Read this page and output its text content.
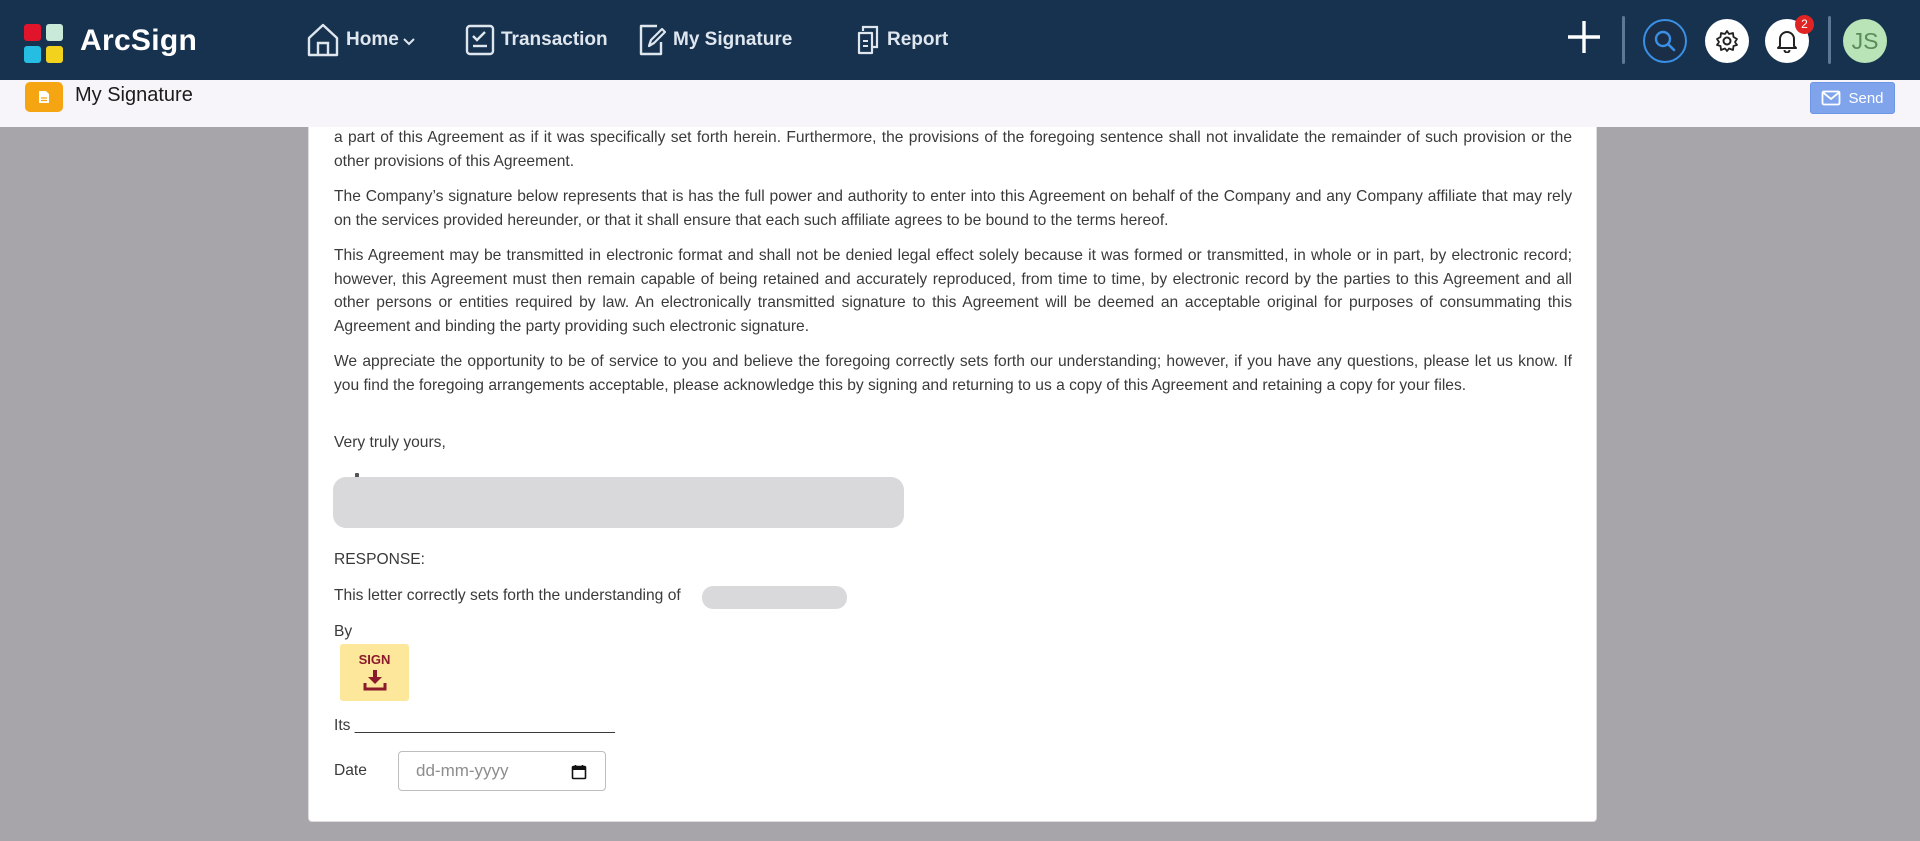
ArcSign	Home	Transaction	My Signature	Report
2
JS
My Signature	Send
a part of this Agreement as if it was specifically set forth herein. Furthermore, the provisions of the foregoing sentence shall not invalidate the remainder of such provision or the other provisions of this Agreement.
The Company’s signature below represents that is has the full power and authority to enter into this Agreement on behalf of the Company and any Company affiliate that may rely on the services provided hereunder, or that it shall ensure that each such affiliate agrees to be bound to the terms hereof.
This Agreement may be transmitted in electronic format and shall not be denied legal effect solely because it was formed or transmitted, in whole or in part, by electronic record; however, this Agreement must then remain capable of being retained and accurately reproduced, from time to time, by electronic record by the parties to this Agreement and all other persons or entities required by law. An electronically transmitted signature to this Agreement will be deemed an acceptable original for purposes of consummating this Agreement and binding the party providing such electronic signature.
We appreciate the opportunity to be of service to you and believe the foregoing correctly sets forth our understanding; however, if you have any questions, please let us know. If you find the foregoing arrangements acceptable, please acknowledge this by signing and returning to us a copy of this Agreement and retaining a copy for your files.
Very truly yours,
RESPONSE:
This letter correctly sets forth the understanding of
By
SIGN
Its ______________________________
Date	dd-mm-yyyy
